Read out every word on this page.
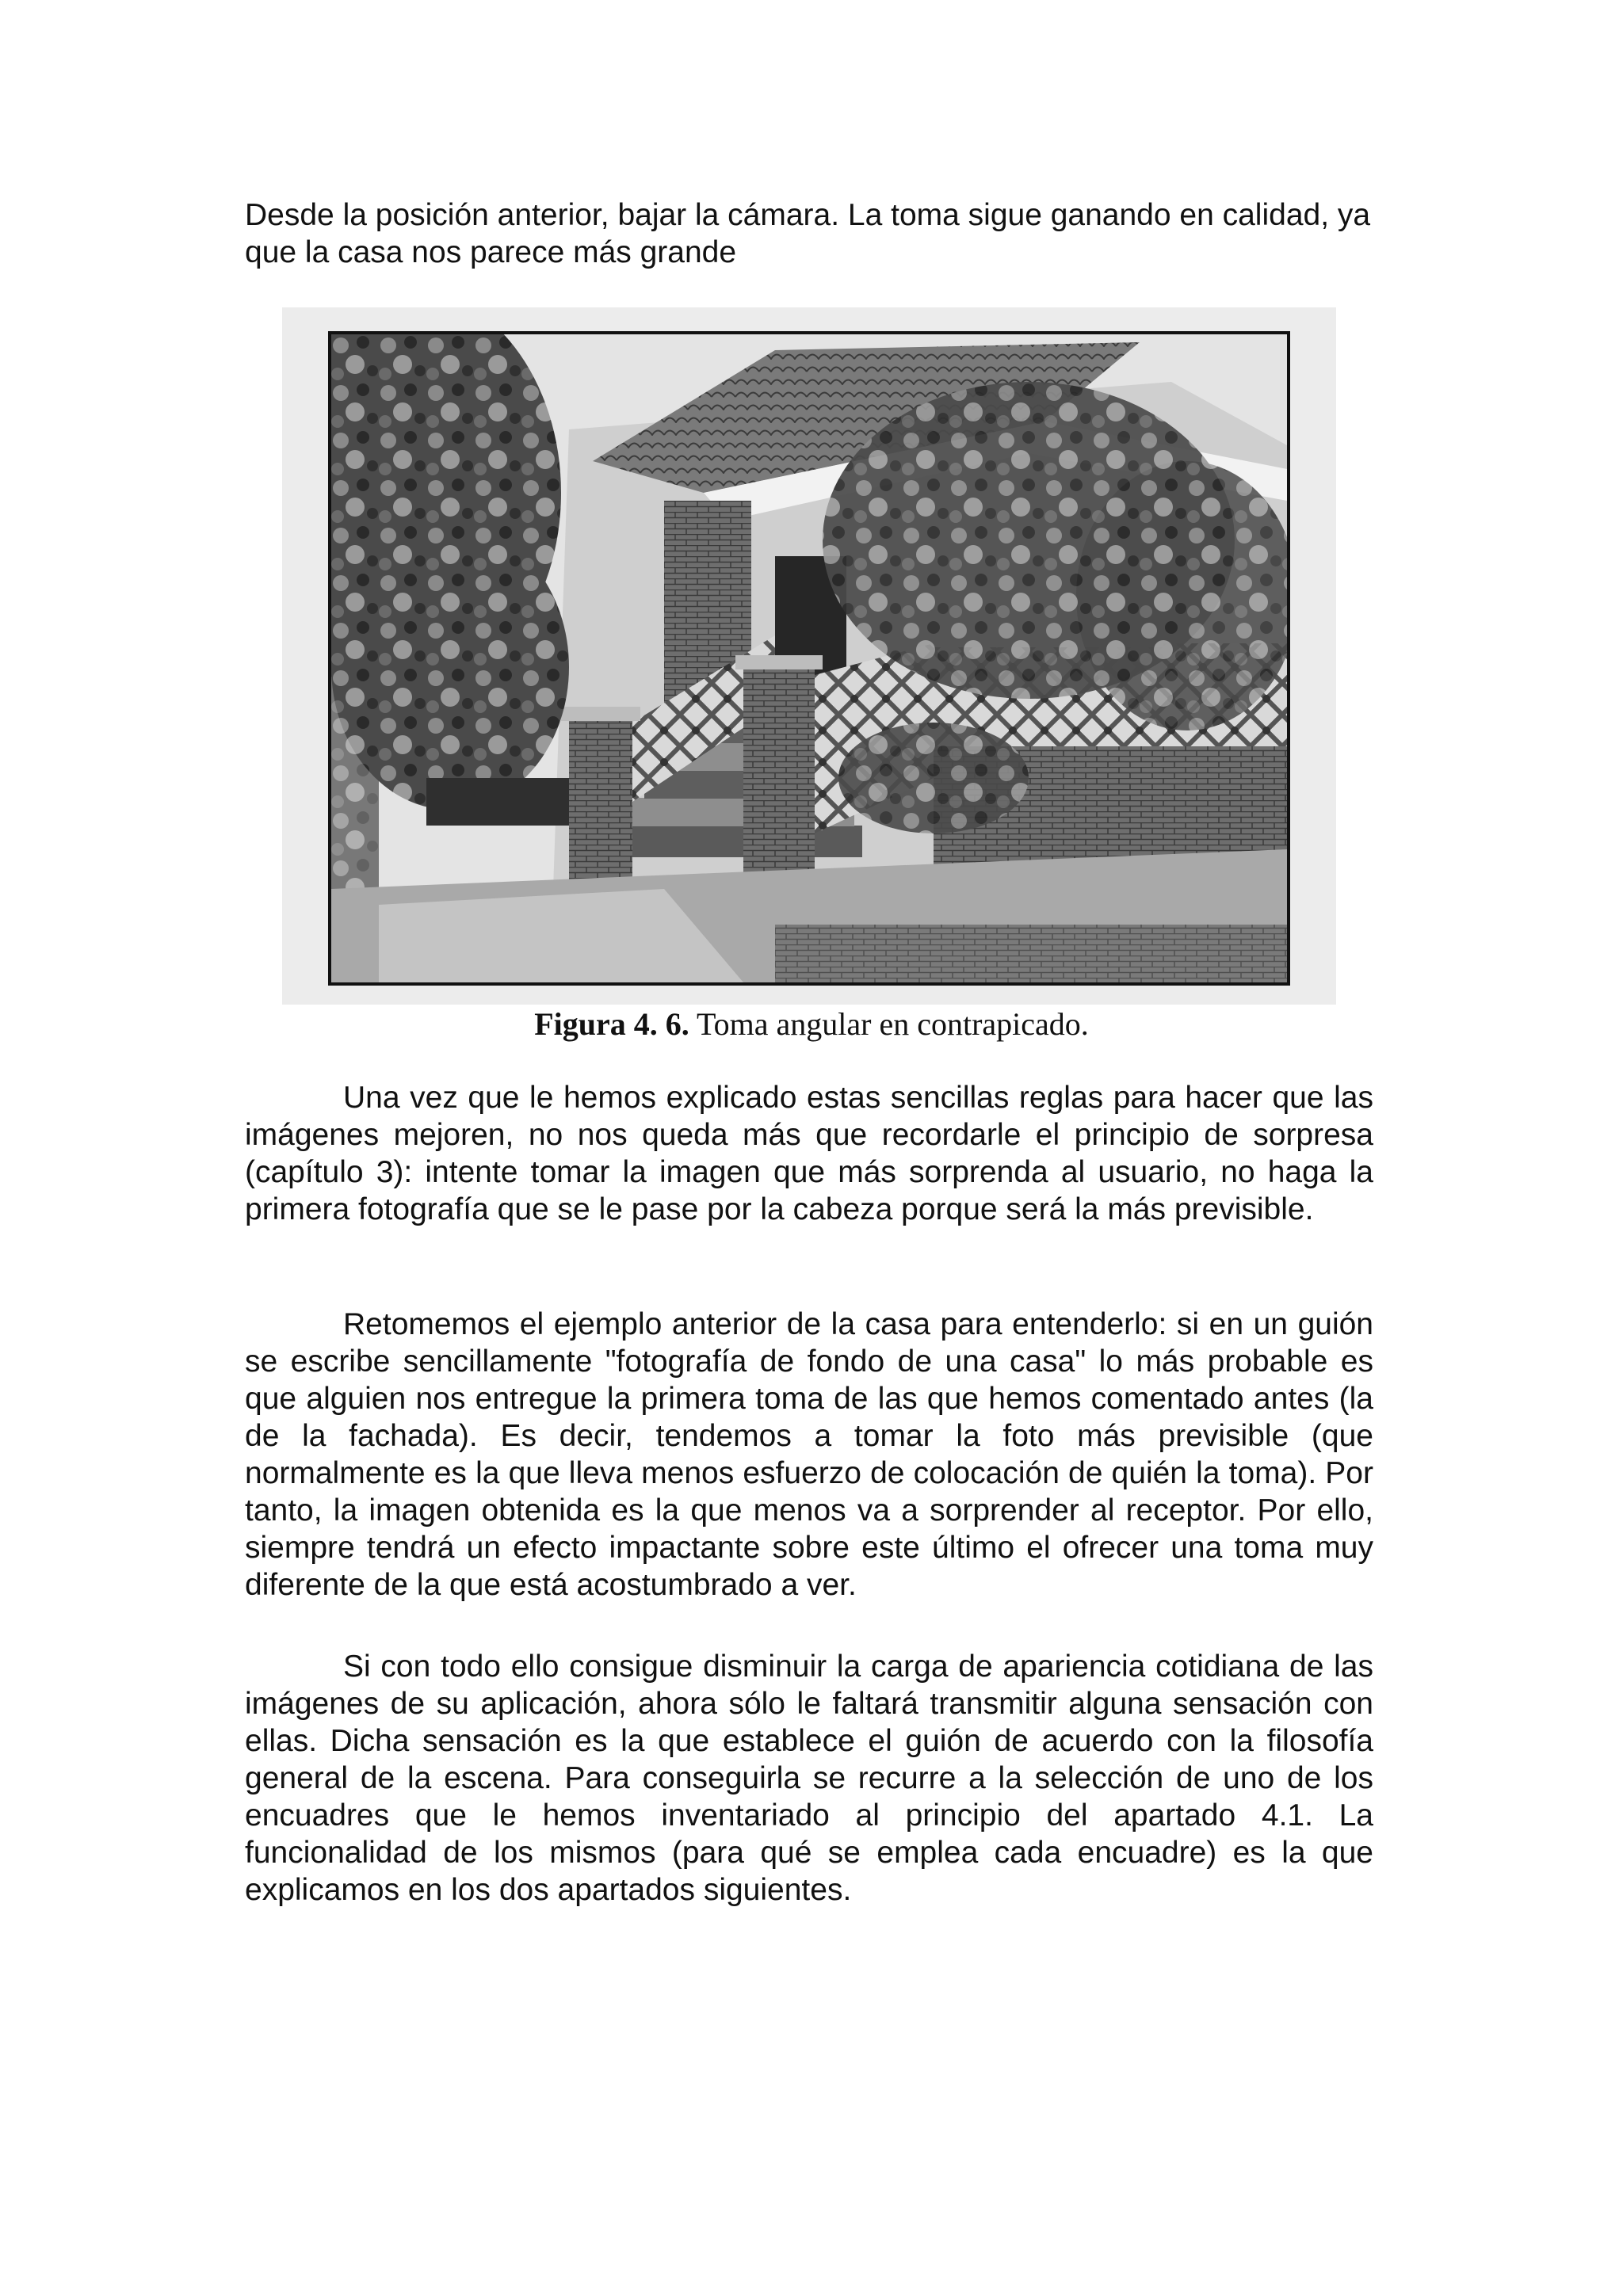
Desde la posición anterior, bajar la cámara. La toma sigue ganando en calidad, ya que la casa nos parece más grande

Figura 4. 6. Toma angular en contrapicado.

Una vez que le hemos explicado estas sencillas reglas para hacer que las imágenes mejoren, no nos queda más que recordarle el principio de sorpresa (capítulo 3): intente tomar la imagen que más sorprenda al usuario, no haga la primera fotografía que se le pase por la cabeza porque será la más previsible.

Retomemos el ejemplo anterior de la casa para entenderlo: si en un guión se escribe sencillamente "fotografía de fondo de una casa" lo más probable es que alguien nos entregue la primera toma de las que hemos comentado antes (la de la fachada). Es decir, tendemos a tomar la foto más previsible (que normalmente es la que lleva menos esfuerzo de colocación de quién la toma). Por tanto, la imagen obtenida es la que menos va a sorprender al receptor. Por ello, siempre tendrá un efecto impactante sobre este último el ofrecer una toma muy diferente de la que está acostumbrado a ver.

Si con todo ello consigue disminuir la carga de apariencia cotidiana de las imágenes de su aplicación, ahora sólo le faltará transmitir alguna sensación con ellas. Dicha sensación es la que establece el guión de acuerdo con la filosofía general de la escena. Para conseguirla se recurre a la selección de uno de los encuadres que le hemos inventariado al principio del apartado 4.1. La funcionalidad de los mismos (para qué se emplea cada encuadre) es la que explicamos en los dos apartados siguientes.
